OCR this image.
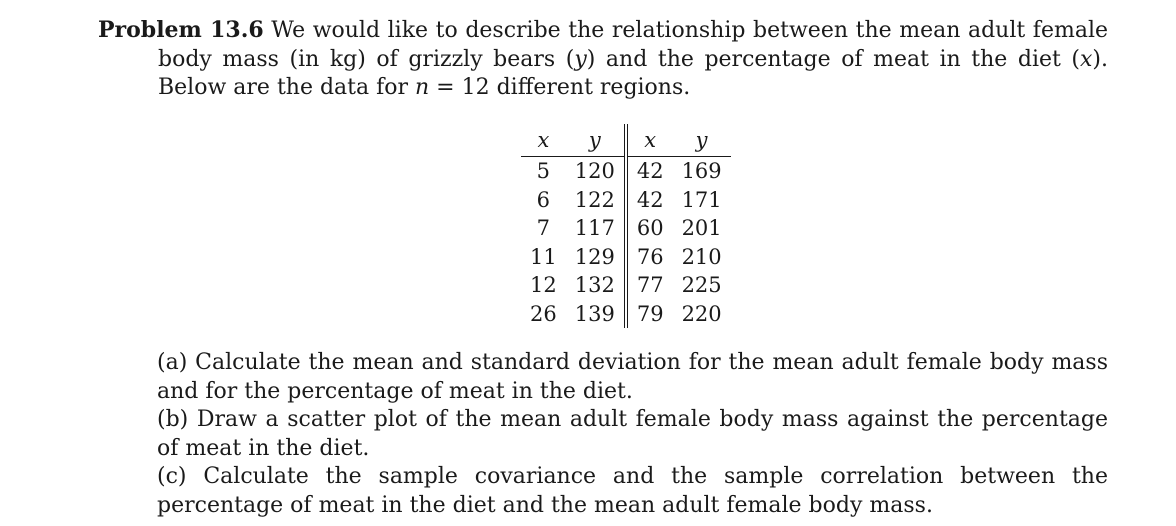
Problem 13.6 We would like to describe the relationship between the mean adult female body mass (in kg) of grizzly bears (y) and the percentage of meat in the diet (x). Below are the data for n = 12 different regions.
x	y	x	y
5	120	42	169
6	122	42	171
7	117	60	201
11	129	76	210
12	132	77	225
26	139	79	220

(a) Calculate the mean and standard deviation for the mean adult female body mass and for the percentage of meat in the diet.

(b) Draw a scatter plot of the mean adult female body mass against the percentage of meat in the diet.

(c) Calculate the sample covariance and the sample correlation between the percentage of meat in the diet and the mean adult female body mass.
